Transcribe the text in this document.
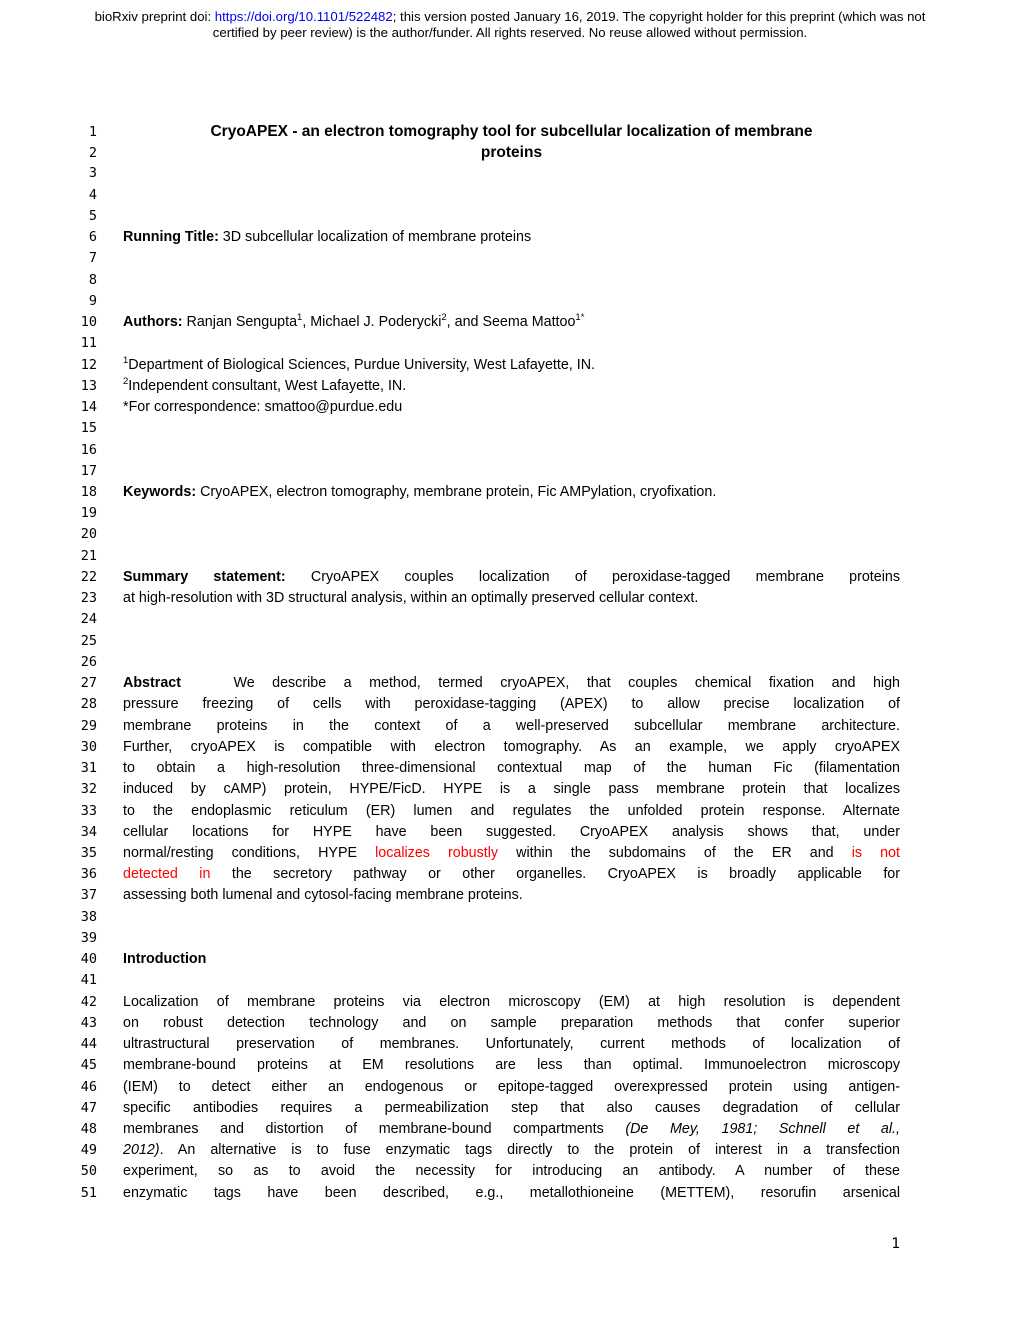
bioRxiv preprint doi: https://doi.org/10.1101/522482; this version posted January 16, 2019. The copyright holder for this preprint (which was not
certified by peer review) is the author/funder. All rights reserved. No reuse allowed without permission.
1	CryoAPEX - an electron tomography tool for subcellular localization of membrane
2	proteins
3
4
5
6 Running Title: 3D subcellular localization of membrane proteins
7
8
9
10 Authors: Ranjan Sengupta$^1$, Michael J. Poderycki$^2$, and Seema Mattoo$^{1*}$
11
12	$^1$Department of Biological Sciences, Purdue University, West Lafayette, IN.
13	$^2$Independent consultant, West Lafayette, IN.
14 *For correspondence: smattoo@purdue.edu
15
16
17
18 Keywords: CryoAPEX, electron tomography, membrane protein, Fic AMPylation, cryofixation.
19
20
21
22 Summary statement: CryoAPEX couples localization of peroxidase-tagged membrane proteins
23 at high-resolution with 3D structural analysis, within an optimally preserved cellular context.
24
25
26
27 Abstract   We describe a method, termed cryoAPEX, that couples chemical fixation and high
28 pressure freezing of cells with peroxidase-tagging (APEX) to allow precise localization of
29 membrane proteins in the context of a well-preserved subcellular membrane architecture.
30 Further, cryoAPEX is compatible with electron tomography. As an example, we apply cryoAPEX
31 to obtain a high-resolution three-dimensional contextual map of the human Fic (filamentation
32 induced by cAMP) protein, HYPE/FicD. HYPE is a single pass membrane protein that localizes
33 to the endoplasmic reticulum (ER) lumen and regulates the unfolded protein response. Alternate
34 cellular locations for HYPE have been suggested. CryoAPEX analysis shows that, under
35 normal/resting conditions, HYPE localizes robustly within the subdomains of the ER and is not
36 detected in the secretory pathway or other organelles. CryoAPEX is broadly applicable for
37 assessing both lumenal and cytosol-facing membrane proteins.
38
39
40 Introduction
41
42 Localization of membrane proteins via electron microscopy (EM) at high resolution is dependent
43 on robust detection technology and on sample preparation methods that confer superior
44 ultrastructural preservation of membranes. Unfortunately, current methods of localization of
45 membrane-bound proteins at EM resolutions are less than optimal. Immunoelectron microscopy
46 (IEM) to detect either an endogenous or epitope-tagged overexpressed protein using antigen-
47 specific antibodies requires a permeabilization step that also causes degradation of cellular
48 membranes and distortion of membrane-bound compartments (De Mey, 1981; Schnell et al.,
49 2012). An alternative is to fuse enzymatic tags directly to the protein of interest in a transfection
50 experiment, so as to avoid the necessity for introducing an antibody. A number of these
51 enzymatic tags have been described, e.g., metallothioneine (METTEM), resorufin arsenical
1
